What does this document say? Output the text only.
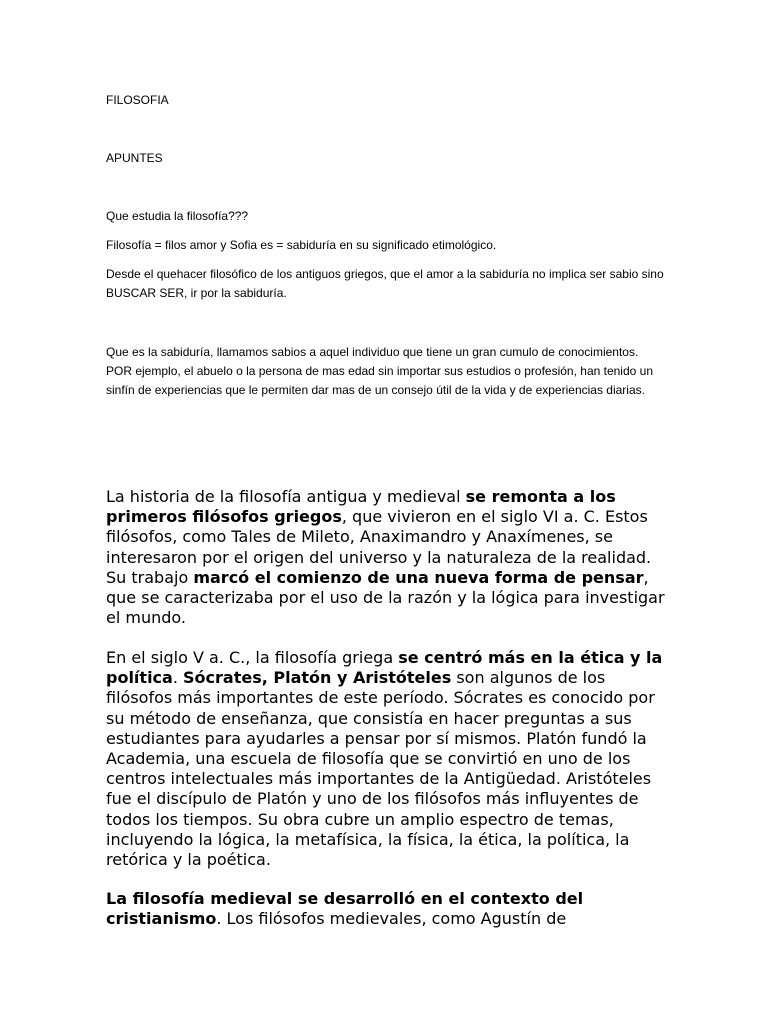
FILOSOFIA

APUNTES

Que estudia la filosofía???

Filosofía = filos amor y Sofia es = sabiduría en su significado etimológico.

Desde el quehacer filosófico de los antiguos griegos, que el amor a la sabiduría no implica ser sabio sino BUSCAR SER, ir por la sabiduría.

Que es la sabiduría, llamamos sabios a aquel individuo que tiene un gran cumulo de conocimientos. POR ejemplo, el abuelo o la persona de mas edad sin importar sus estudios o profesión, han tenido un sinfín de experiencias que le permiten dar mas de un consejo útil de la vida y de experiencias diarias.

La historia de la filosofía antigua y medieval se remonta a los primeros filósofos griegos, que vivieron en el siglo VI a. C. Estos filósofos, como Tales de Mileto, Anaximandro y Anaxímenes, se interesaron por el origen del universo y la naturaleza de la realidad. Su trabajo marcó el comienzo de una nueva forma de pensar, que se caracterizaba por el uso de la razón y la lógica para investigar el mundo.

En el siglo V a. C., la filosofía griega se centró más en la ética y la política. Sócrates, Platón y Aristóteles son algunos de los filósofos más importantes de este período. Sócrates es conocido por su método de enseñanza, que consistía en hacer preguntas a sus estudiantes para ayudarles a pensar por sí mismos. Platón fundó la Academia, una escuela de filosofía que se convirtió en uno de los centros intelectuales más importantes de la Antigüedad. Aristóteles fue el discípulo de Platón y uno de los filósofos más influyentes de todos los tiempos. Su obra cubre un amplio espectro de temas, incluyendo la lógica, la metafísica, la física, la ética, la política, la retórica y la poética.

La filosofía medieval se desarrolló en el contexto del cristianismo. Los filósofos medievales, como Agustín de
